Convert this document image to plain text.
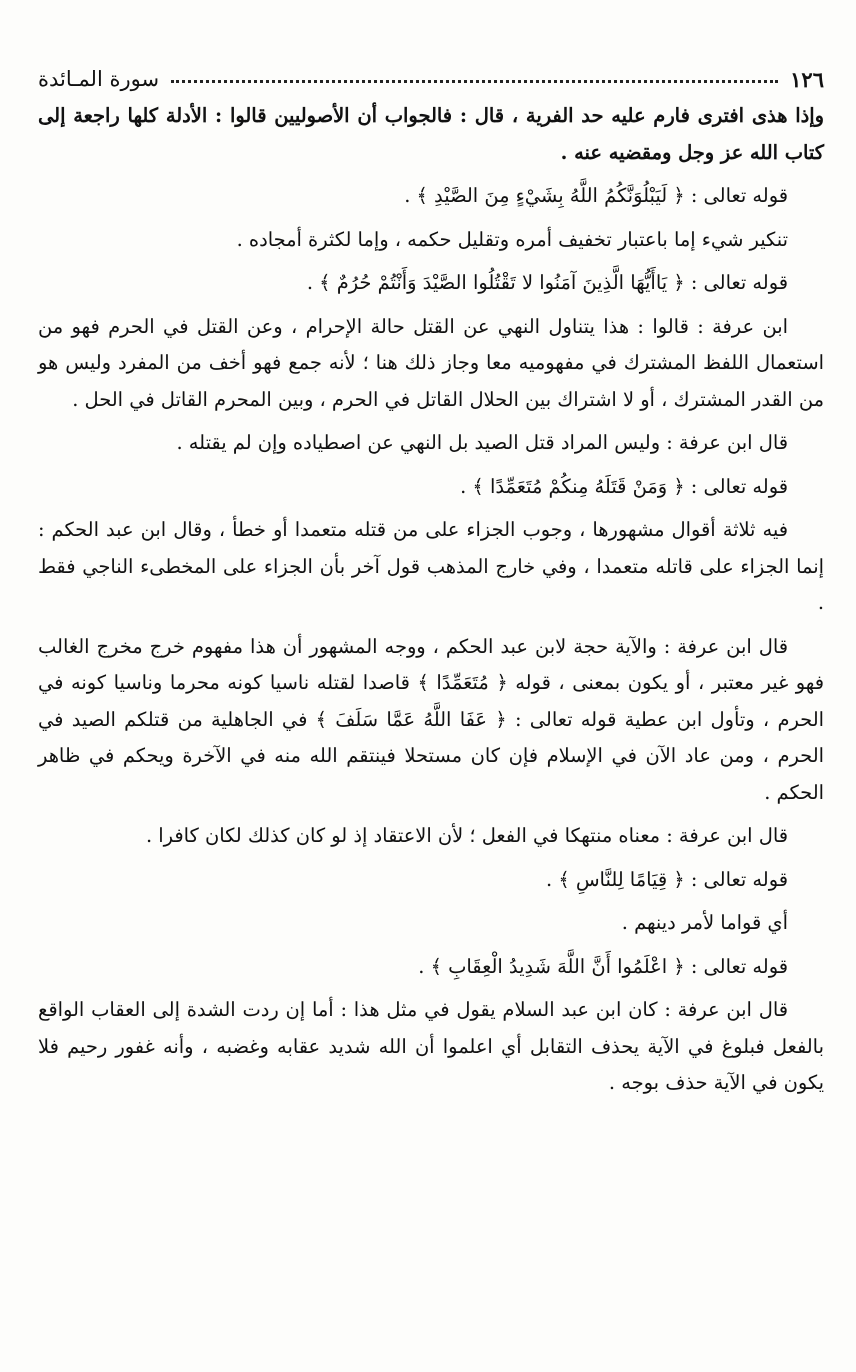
١٢٦
سورة المـائدة

وإذا هذى افترى فارم عليه حد الفرية ، قال : فالجواب أن الأصوليين قالوا : الأدلة كلها راجعة إلى كتاب الله عز وجل ومقضيه عنه .

قوله تعالى : ﴿ لَيَبْلُوَنَّكُمُ اللَّهُ بِشَيْءٍ مِنَ الصَّيْدِ ﴾ .

تنكير شيء إما باعتبار تخفيف أمره وتقليل حكمه ، وإما لكثرة أمجاده .

قوله تعالى : ﴿ يَاأَيُّهَا الَّذِينَ آمَنُوا لا تَقْتُلُوا الصَّيْدَ وَأَنْتُمْ حُرُمٌ ﴾ .

ابن عرفة : قالوا : هذا يتناول النهي عن القتل حالة الإحرام ، وعن القتل في الحرم فهو من استعمال اللفظ المشترك في مفهوميه معا وجاز ذلك هنا ؛ لأنه جمع فهو أخف من المفرد وليس هو من القدر المشترك ، أو لا اشتراك بين الحلال القاتل في الحرم ، وبين المحرم القاتل في الحل .

قال ابن عرفة : وليس المراد قتل الصيد بل النهي عن اصطياده وإن لم يقتله .

قوله تعالى : ﴿ وَمَنْ قَتَلَهُ مِنكُمْ مُتَعَمِّدًا ﴾ .

فيه ثلاثة أقوال مشهورها ، وجوب الجزاء على من قتله متعمدا أو خطأ ، وقال ابن عبد الحكم : إنما الجزاء على قاتله متعمدا ، وفي خارج المذهب قول آخر بأن الجزاء على المخطىء الناجي فقط .

قال ابن عرفة : والآية حجة لابن عبد الحكم ، ووجه المشهور أن هذا مفهوم خرج مخرج الغالب فهو غير معتبر ، أو يكون بمعنى ، قوله ﴿ مُتَعَمِّدًا ﴾ قاصدا لقتله ناسيا كونه محرما وناسيا كونه في الحرم ، وتأول ابن عطية قوله تعالى : ﴿ عَفَا اللَّهُ عَمَّا سَلَفَ ﴾ في الجاهلية من قتلكم الصيد في الحرم ، ومن عاد الآن في الإسلام فإن كان مستحلا فينتقم الله منه في الآخرة ويحكم في ظاهر الحكم .

قال ابن عرفة : معناه منتهكا في الفعل ؛ لأن الاعتقاد إذ لو كان كذلك لكان كافرا .

قوله تعالى : ﴿ قِيَامًا لِلنَّاسِ ﴾ .

أي قواما لأمر دينهم .

قوله تعالى : ﴿ اعْلَمُوا أَنَّ اللَّهَ شَدِيدُ الْعِقَابِ ﴾ .

قال ابن عرفة : كان ابن عبد السلام يقول في مثل هذا : أما إن ردت الشدة إلى العقاب الواقع بالفعل فبلوغ في الآية يحذف التقابل أي اعلموا أن الله شديد عقابه وغضبه ، وأنه غفور رحيم فلا يكون في الآية حذف بوجه .
